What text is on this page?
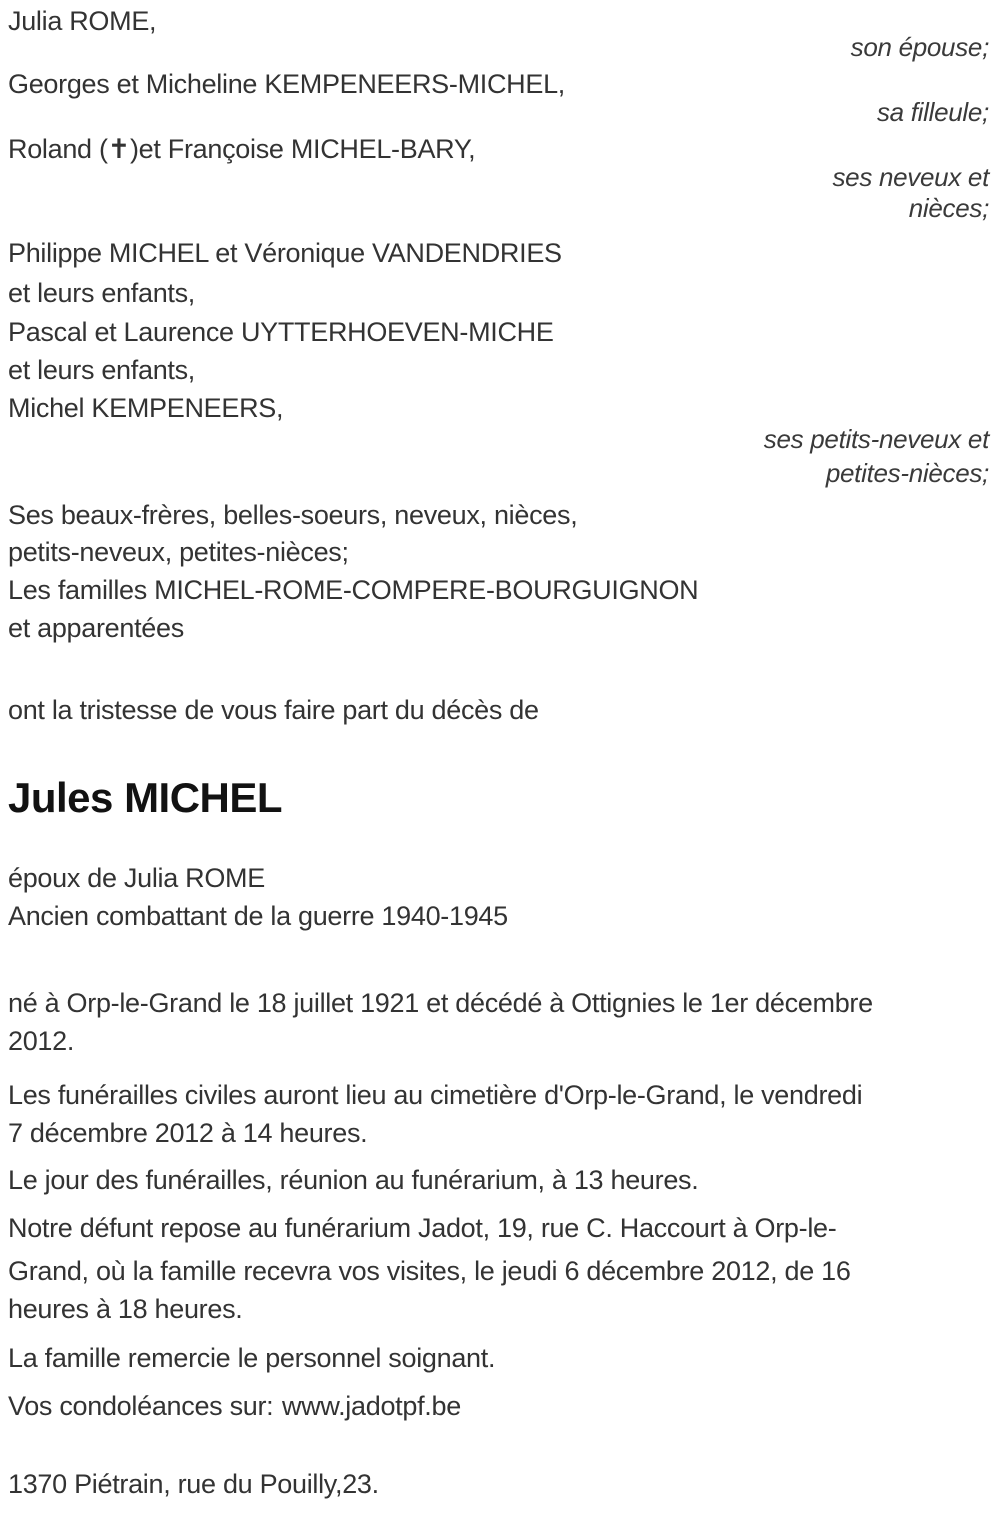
Julia ROME,
son épouse;
Georges et Micheline KEMPENEERS-MICHEL,
sa filleule;
Roland (✝)et Françoise MICHEL-BARY,
ses neveux et
nièces;
Philippe MICHEL et Véronique VANDENDRIES
et leurs enfants,
Pascal et Laurence UYTTERHOEVEN-MICHE
et leurs enfants,
Michel KEMPENEERS,
ses petits-neveux et
petites-nièces;
Ses beaux-frères, belles-soeurs, neveux, nièces,
petits-neveux, petites-nièces;
Les familles MICHEL-ROME-COMPERE-BOURGUIGNON
et apparentées
ont la tristesse de vous faire part du décès de
Jules MICHEL
époux de Julia ROME
Ancien combattant de la guerre 1940-1945
né à Orp-le-Grand le 18 juillet 1921 et décédé à Ottignies le 1er décembre
2012.
Les funérailles civiles auront lieu au cimetière d'Orp-le-Grand, le vendredi
7 décembre 2012 à 14 heures.
Le jour des funérailles, réunion au funérarium, à 13 heures.
Notre défunt repose au funérarium Jadot, 19, rue C. Haccourt à Orp-le-
Grand, où la famille recevra vos visites, le jeudi 6 décembre 2012, de 16
heures à 18 heures.
La famille remercie le personnel soignant.
Vos condoléances sur: www.jadotpf.be
1370 Piétrain, rue du Pouilly,23.
